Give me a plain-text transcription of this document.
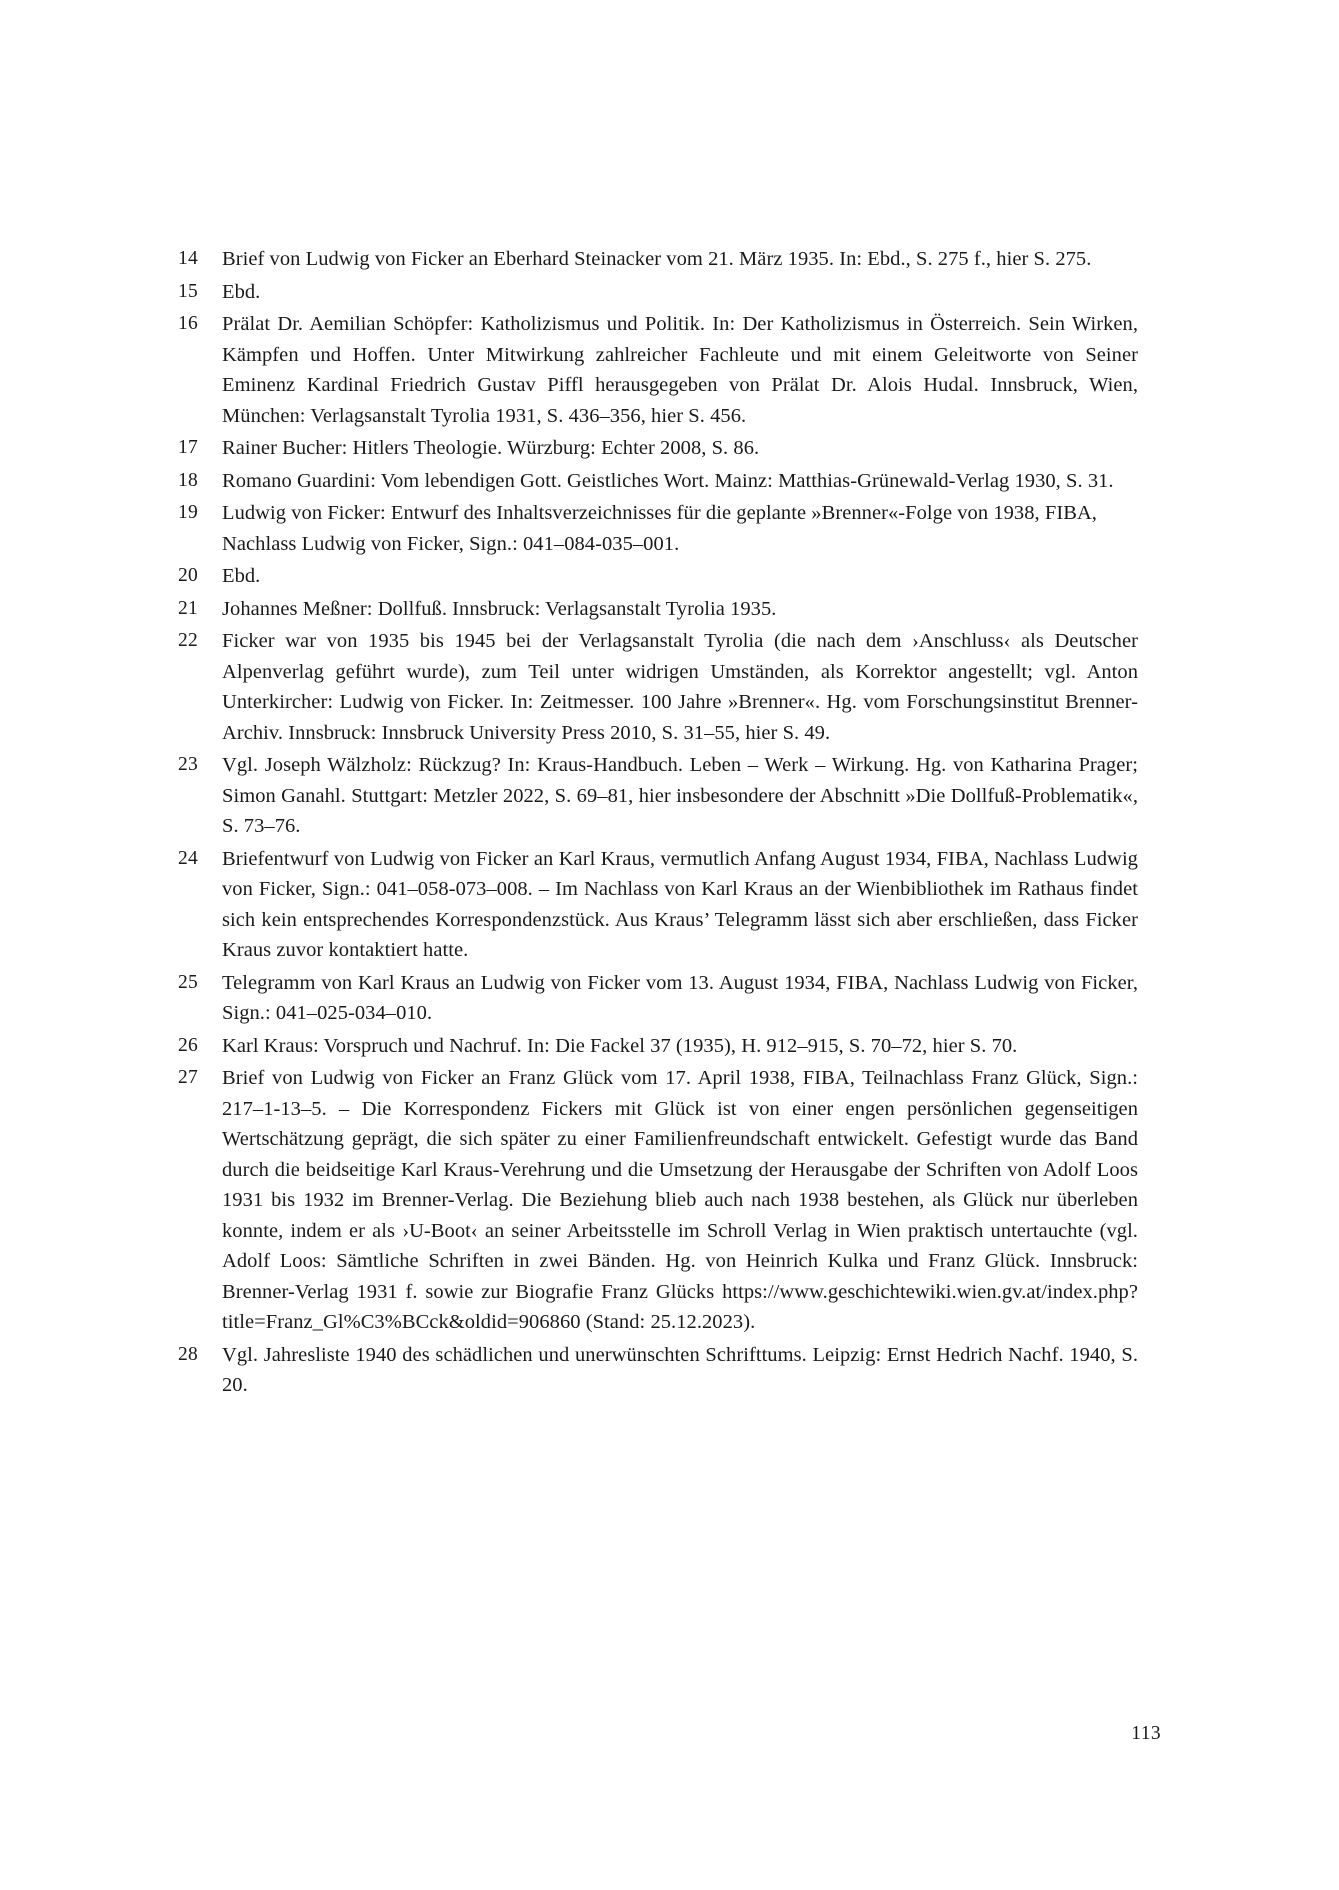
14	Brief von Ludwig von Ficker an Eberhard Steinacker vom 21. März 1935. In: Ebd., S. 275 f., hier S. 275.
15	Ebd.
16	Prälat Dr. Aemilian Schöpfer: Katholizismus und Politik. In: Der Katholizismus in Österreich. Sein Wirken, Kämpfen und Hoffen. Unter Mitwirkung zahlreicher Fachleute und mit einem Geleitworte von Seiner Eminenz Kardinal Friedrich Gustav Piffl herausgegeben von Prälat Dr. Alois Hudal. Innsbruck, Wien, München: Verlagsanstalt Tyrolia 1931, S. 436–356, hier S. 456.
17	Rainer Bucher: Hitlers Theologie. Würzburg: Echter 2008, S. 86.
18	Romano Guardini: Vom lebendigen Gott. Geistliches Wort. Mainz: Matthias-Grünewald-Verlag 1930, S. 31.
19	Ludwig von Ficker: Entwurf des Inhaltsverzeichnisses für die geplante »Brenner«-Folge von 1938, FIBA, Nachlass Ludwig von Ficker, Sign.: 041–084-035–001.
20	Ebd.
21	Johannes Meßner: Dollfuß. Innsbruck: Verlagsanstalt Tyrolia 1935.
22	Ficker war von 1935 bis 1945 bei der Verlagsanstalt Tyrolia (die nach dem ›Anschluss‹ als Deutscher Alpenverlag geführt wurde), zum Teil unter widrigen Umständen, als Korrektor angestellt; vgl. Anton Unterkircher: Ludwig von Ficker. In: Zeitmesser. 100 Jahre »Brenner«. Hg. vom Forschungsinstitut Brenner-Archiv. Innsbruck: Innsbruck University Press 2010, S. 31–55, hier S. 49.
23	Vgl. Joseph Wälzholz: Rückzug? In: Kraus-Handbuch. Leben – Werk – Wirkung. Hg. von Katharina Prager; Simon Ganahl. Stuttgart: Metzler 2022, S. 69–81, hier insbesondere der Abschnitt »Die Dollfuß-Problematik«, S. 73–76.
24	Briefentwurf von Ludwig von Ficker an Karl Kraus, vermutlich Anfang August 1934, FIBA, Nachlass Ludwig von Ficker, Sign.: 041–058-073–008. – Im Nachlass von Karl Kraus an der Wienbibliothek im Rathaus findet sich kein entsprechendes Korrespondenzstück. Aus Kraus’ Telegramm lässt sich aber erschließen, dass Ficker Kraus zuvor kontaktiert hatte.
25	Telegramm von Karl Kraus an Ludwig von Ficker vom 13. August 1934, FIBA, Nachlass Ludwig von Ficker, Sign.: 041–025-034–010.
26	Karl Kraus: Vorspruch und Nachruf. In: Die Fackel 37 (1935), H. 912–915, S. 70–72, hier S. 70.
27	Brief von Ludwig von Ficker an Franz Glück vom 17. April 1938, FIBA, Teilnachlass Franz Glück, Sign.: 217–1-13–5. – Die Korrespondenz Fickers mit Glück ist von einer engen persönlichen gegenseitigen Wertschätzung geprägt, die sich später zu einer Familienfreundschaft entwickelt. Gefestigt wurde das Band durch die beidseitige Karl Kraus-Verehrung und die Umsetzung der Herausgabe der Schriften von Adolf Loos 1931 bis 1932 im Brenner-Verlag. Die Beziehung blieb auch nach 1938 bestehen, als Glück nur überleben konnte, indem er als ›U-Boot‹ an seiner Arbeitsstelle im Schroll Verlag in Wien praktisch untertauchte (vgl. Adolf Loos: Sämtliche Schriften in zwei Bänden. Hg. von Heinrich Kulka und Franz Glück. Innsbruck: Brenner-Verlag 1931 f. sowie zur Biografie Franz Glücks https://www.geschichtewiki.wien.gv.at/index.php?title=Franz_Gl%C3%BCck&oldid=906860 (Stand: 25.12.2023).
28	Vgl. Jahresliste 1940 des schädlichen und unerwünschten Schrifttums. Leipzig: Ernst Hedrich Nachf. 1940, S. 20.
113
